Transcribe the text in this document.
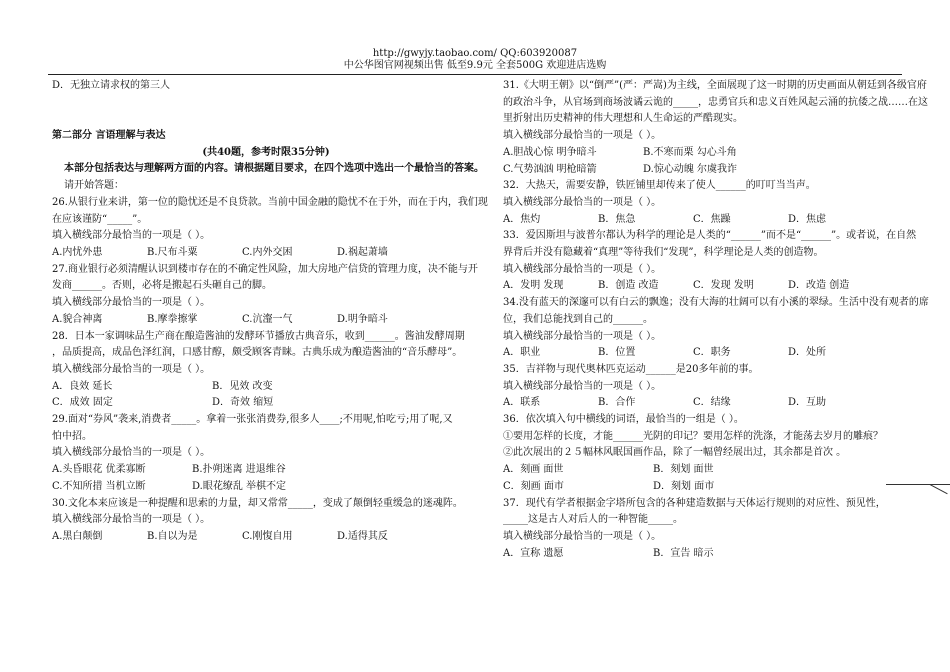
http://gwyjy.taobao.com/ QQ:603920087
中公华图官网视频出售 低至9.9元 全套500G 欢迎进店选购
D．无独立请求权的第三人
第二部分 言语理解与表达
(共40题，参考时限35分钟)
本部分包括表达与理解两方面的内容。请根据题目要求，在四个选项中选出一个最恰当的答案。
请开始答题：
26.从银行业来讲，第一位的隐忧还是不良贷款。当前中国金融的隐忧不在于外，而在于内，我们现
在应该谨防“_____”。
填入横线部分最恰当的一项是（ ）。
A.内忧外患	B.尺布斗粟	C.内外交困	D.祸起萧墙
27.商业银行必须清醒认识到楼市存在的不确定性风险，加大房地产信贷的管理力度，决不能与开
发商______。否则，必将是搬起石头砸自己的脚。
填入横线部分最恰当的一项是（ ）。
A.貌合神离	B.摩拳擦掌	C.沆瀣一气	D.明争暗斗
28．日本一家调味品生产商在酿造酱油的发酵环节播放古典音乐，收到______。酱油发酵周期
，品质提高，成品色泽红润，口感甘醇，颇受顾客青睐。古典乐成为酿造酱油的“音乐酵母”。
填入横线部分最恰当的一项是（ ）。
A．良效 延长	B．见效 改变
C．成效 固定	D．奇效 缩短
29.面对“券风”袭来,消费者_____。拿着一张张消费券,很多人____;不用呢,怕吃亏;用了呢,又
怕中招。
填入横线部分最恰当的一项是（ ）。
A.头昏眼花 优柔寡断	B.扑朔迷离 进退维谷
C.不知所措 当机立断	D.眼花缭乱 举棋不定
30.文化本来应该是一种提醒和思索的力量，却又常常_____，变成了颠倒轻重缓急的迷魂阵。
填入横线部分最恰当的一项是（ ）。
A.黑白颠倒	B.自以为是	C.刚愎自用	D.适得其反
31.《大明王朝》以“倒严”(严：严嵩)为主线，全面展现了这一时期的历史画面从朝廷到各级官府
的政治斗争，从官场到商场波谲云诡的_____，忠勇官兵和忠义百姓风起云涌的抗倭之战……在这
里折射出历史精神的伟大理想和人生命运的严酷现实。
填入横线部分最恰当的一项是（ ）。
A.胆战心惊 明争暗斗	B.不寒而栗 勾心斗角
C.气势汹汹 明枪暗箭	D.惊心动魄 尔虞我诈
32．大热天，需要安静，铁匠铺里却传来了使人______的叮叮当当声。
填入横线部分最恰当的一项是（ ）。
A．焦灼	B．焦急	C．焦躁	D．焦虑
33．爱因斯坦与波普尔都认为科学的理论是人类的“______”而不是“______”。或者说，在自然
界背后并没有隐藏着“真理”等待我们“发现”，科学理论是人类的创造物。
填入横线部分最恰当的一项是（ ）。
A．发明 发现	B．创造 改造	C．发现 发明	D．改造 创造
34.没有蓝天的深邃可以有白云的飘逸；没有大海的壮阔可以有小溪的翠绿。生活中没有观者的席
位，我们总能找到自己的______。
填入横线部分最恰当的一项是（ ）。
A．职业	B．位置	C．职务	D．处所
35．吉祥物与现代奥林匹克运动______是20多年前的事。
填入横线部分最恰当的一项是（ ）。
A．联系	B．合作	C．结缘	D．互助
36．依次填入句中横线的词语，最恰当的一组是（ ）。
①要用怎样的长度，才能______光阴的印记？要用怎样的洗涤，才能荡去岁月的雕痕？
②此次展出的２５幅林风眠国画作品，除了一幅曾经展出过，其余都是首次 。
A．刻画 面世	B．刻划 面世
C．刻画 面市	D．刻划 面市
37．现代有学者根据金字塔所包含的各种建造数据与天体运行规则的对应性、预见性，
_____这是古人对后人的一种智能_____。
填入横线部分最恰当的一项是（ ）。
A．宣称 遗愿	B．宣告 暗示
